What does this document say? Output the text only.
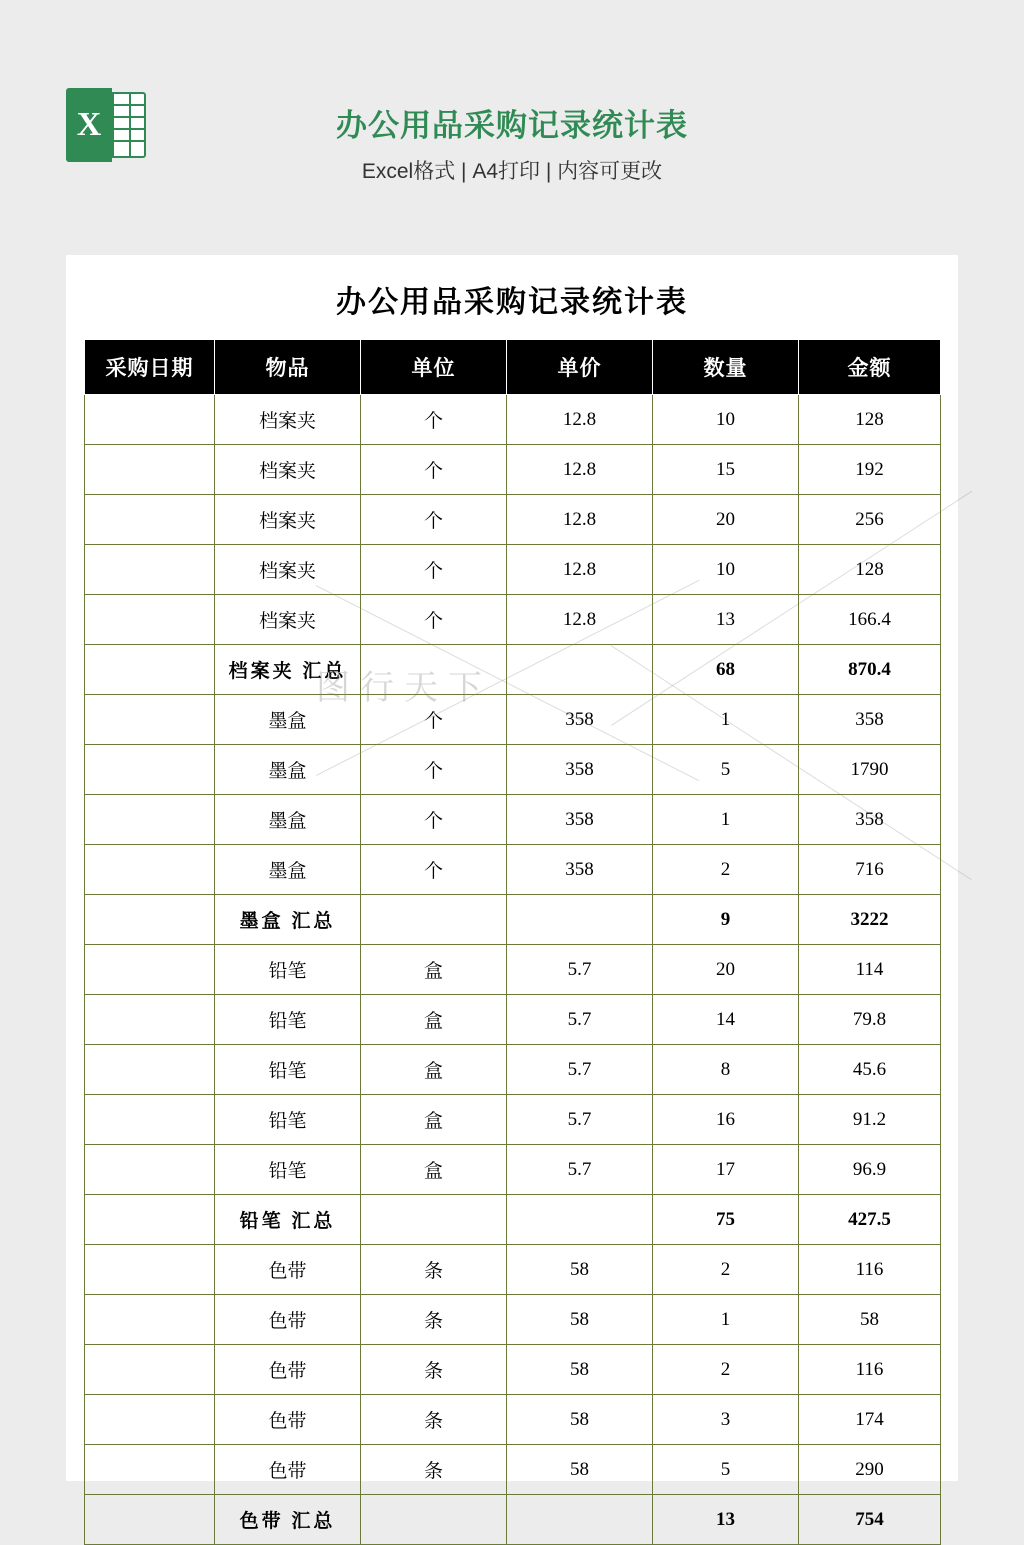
X	办公用品采购记录统计表
Excel格式 | A4打印 | 内容可更改
办公用品采购记录统计表
采购日期	物品	单位	单价	数量	金额
	档案夹	个	12.8	10	128
	档案夹	个	12.8	15	192
	档案夹	个	12.8	20	256
	档案夹	个	12.8	10	128
	档案夹	个	12.8	13	166.4
	档案夹 汇总			68	870.4
	墨盒	个	358	1	358
	墨盒	个	358	5	1790
	墨盒	个	358	1	358
	墨盒	个	358	2	716
	墨盒 汇总			9	3222
	铅笔	盒	5.7	20	114
	铅笔	盒	5.7	14	79.8
	铅笔	盒	5.7	8	45.6
	铅笔	盒	5.7	16	91.2
	铅笔	盒	5.7	17	96.9
	铅笔 汇总			75	427.5
	色带	条	58	2	116
	色带	条	58	1	58
	色带	条	58	2	116
	色带	条	58	3	174
	色带	条	58	5	290
	色带 汇总			13	754
图行天下
